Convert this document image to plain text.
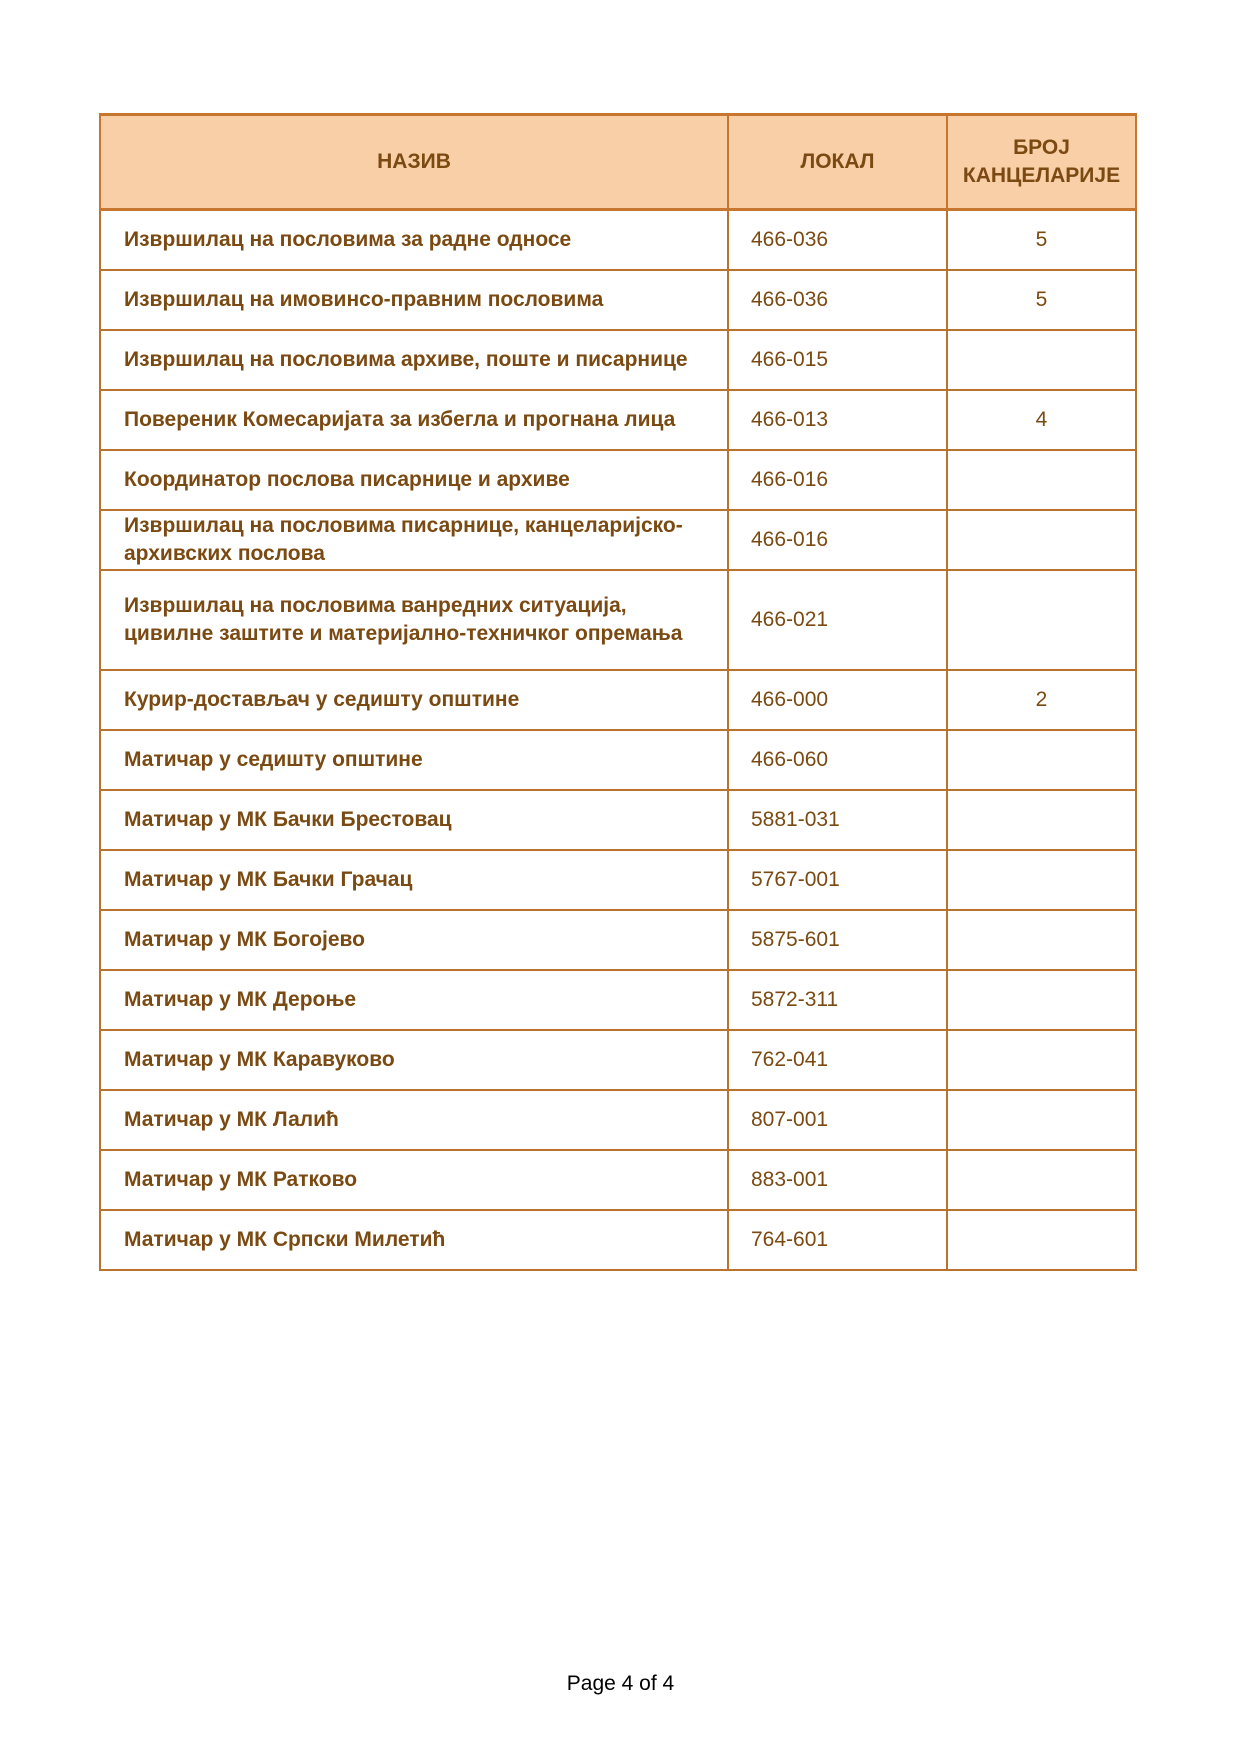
НАЗИВ	ЛОКАЛ	БРОЈ КАНЦЕЛАРИЈЕ
Извршилац на пословима за радне односе	466-036	5
Извршилац на имовинсо-правним пословима	466-036	5
Извршилац на пословима архиве, поште и писарнице	466-015	
Повереник Комесаријата за избегла и прогнана лица	466-013	4
Координатор послова писарнице и архиве	466-016	
Извршилац на пословима писарнице, канцеларијско- архивских послова	466-016	
Извршилац на пословима ванредних ситуација, цивилне заштите и материјално-техничког опремања	466-021	
Курир-достављач у седишту општине	466-000	2
Матичар у седишту општине	466-060	
Матичар у МК Бачки Брестовац	5881-031	
Матичар у МК Бачки Грачац	5767-001	
Матичар у МК Богојево	5875-601	
Матичар у МК Дероње	5872-311	
Матичар у МК Каравуково	762-041	
Матичар у МК Лалић	807-001	
Матичар у МК Ратково	883-001	
Матичар у МК Српски Милетић	764-601	
Page 4 of 4
